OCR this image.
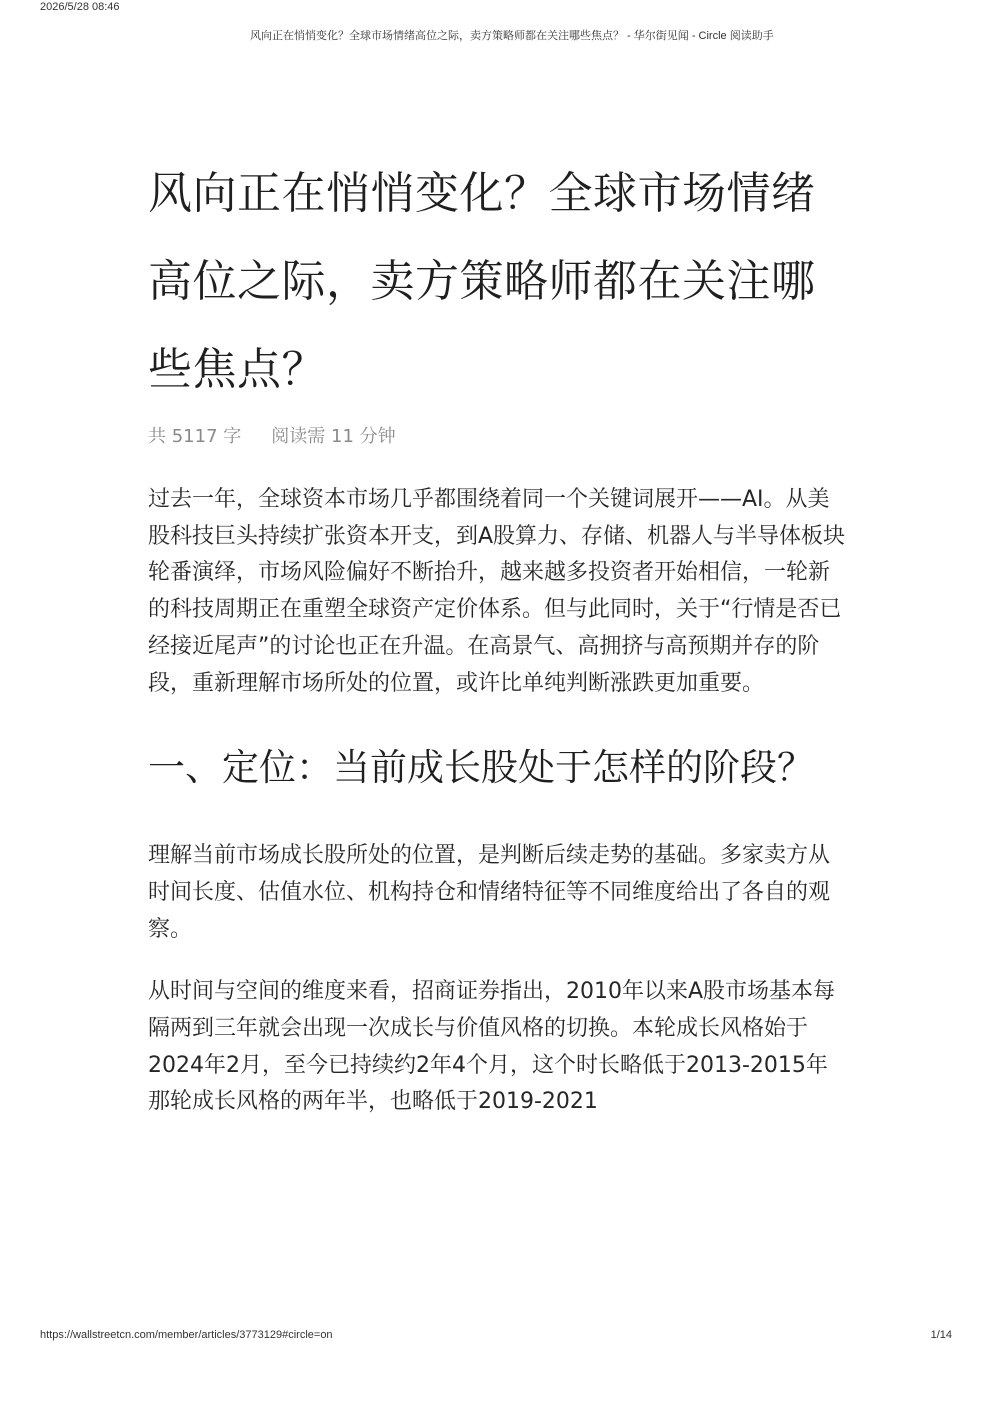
2026/5/28 08:46
风向正在悄悄变化？全球市场情绪高位之际，卖方策略师都在关注哪些焦点？ - 华尔街见闻 - Circle 阅读助手
风向正在悄悄变化？全球市场情绪高位之际，卖方策略师都在关注哪些焦点？
共 5117 字 阅读需 11 分钟

过去一年，全球资本市场几乎都围绕着同一个关键词展开——AI。从美股科技巨头持续扩张资本开支，到A股算力、存储、机器人与半导体板块轮番演绎，市场风险偏好不断抬升，越来越多投资者开始相信，一轮新的科技周期正在重塑全球资产定价体系。但与此同时，关于“行情是否已经接近尾声”的讨论也正在升温。在高景气、高拥挤与高预期并存的阶段，重新理解市场所处的位置，或许比单纯判断涨跌更加重要。

一、定位：当前成长股处于怎样的阶段？

理解当前市场成长股所处的位置，是判断后续走势的基础。多家卖方从时间长度、估值水位、机构持仓和情绪特征等不同维度给出了各自的观察。

从时间与空间的维度来看，招商证券指出，2010年以来A股市场基本每隔两到三年就会出现一次成长与价值风格的切换。本轮成长风格始于2024年2月，至今已持续约2年4个月，这个时长略低于2013-2015年那轮成长风格的两年半，也略低于2019-2021

https://wallstreetcn.com/member/articles/3773129#circle=on	1/14
